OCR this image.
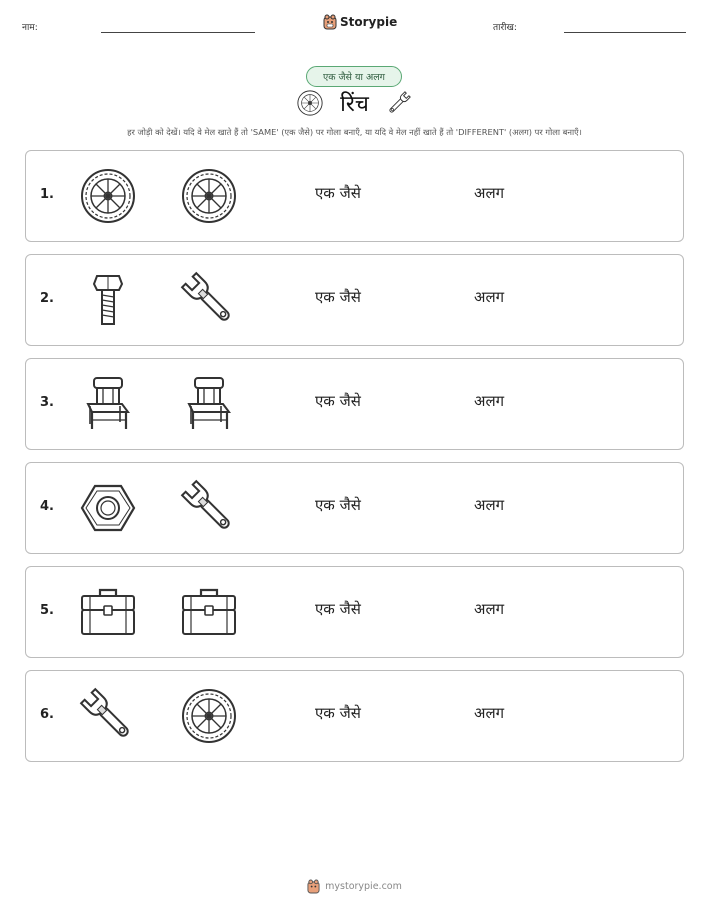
नाम:	Storypie	तारीख:
एक जैसे या अलग
रिंच
हर जोड़ी को देखें। यदि वे मेल खाते हैं तो 'SAME' (एक जैसे) पर गोला बनाएँ, या यदि वे मेल नहीं खाते हैं तो 'DIFFERENT' (अलग) पर गोला बनाएँ।
1.	एक जैसे	अलग
2.	एक जैसे	अलग
3.	एक जैसे	अलग
4.	एक जैसे	अलग
5.	एक जैसे	अलग
6.	एक जैसे	अलग
mystorypie.com
